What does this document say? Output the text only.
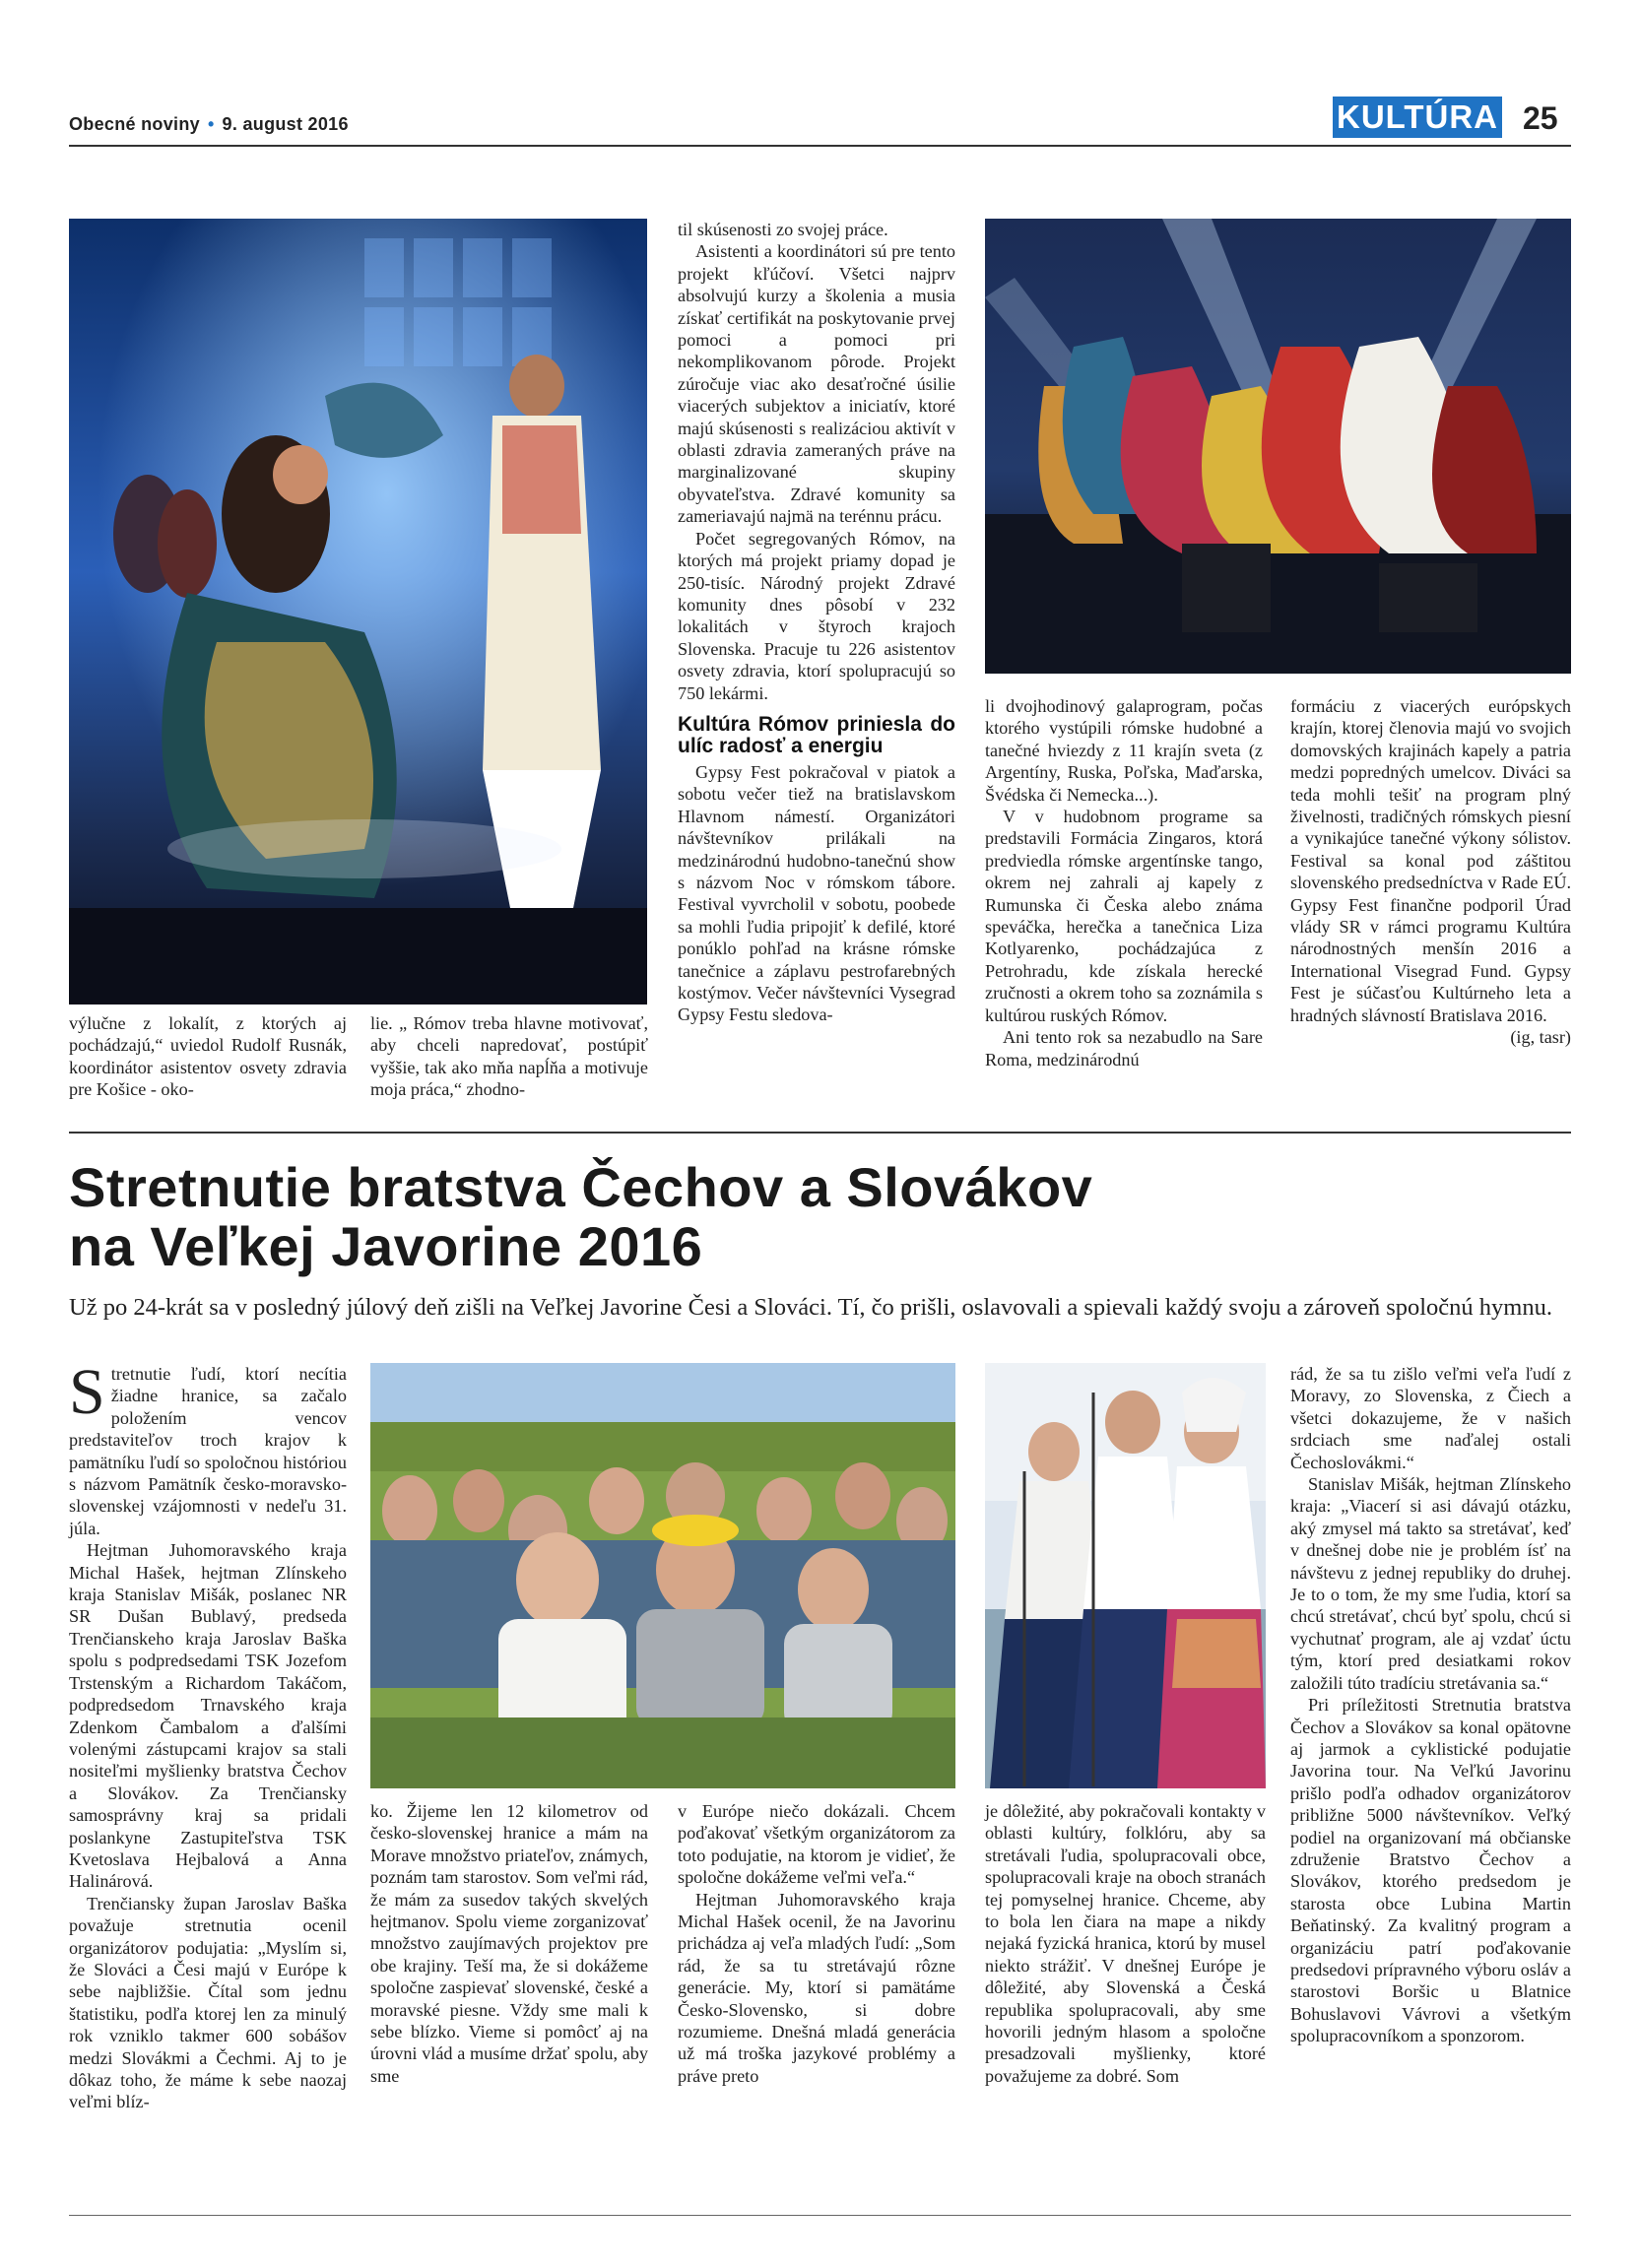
Obecné noviny • 9. august 2016	KULTÚRA 25

výlučne z lokalít, z ktorých aj pochádzajú,“ uviedol Rudolf Rusnák, koordinátor asistentov osvety zdravia pre Košice - oko-

lie. „ Rómov treba hlavne motivovať, aby chceli napredovať, postúpiť vyššie, tak ako mňa napĺňa a motivuje moja práca,“ zhodno-

til skúsenosti zo svojej práce.

Asistenti a koordinátori sú pre tento projekt kľúčoví. Všetci najprv absolvujú kurzy a školenia a musia získať certifikát na poskytovanie prvej pomoci a pomoci pri nekomplikovanom pôrode. Projekt zúročuje viac ako desaťročné úsilie viacerých subjektov a iniciatív, ktoré majú skúsenosti s realizáciou aktivít v oblasti zdravia zameraných práve na marginalizované skupiny obyvateľstva. Zdravé komunity sa zameriavajú najmä na terénnu prácu.

Počet segregovaných Rómov, na ktorých má projekt priamy dopad je 250-tisíc. Národný projekt Zdravé komunity dnes pôsobí v 232 lokalitách v štyroch krajoch Slovenska. Pracuje tu 226 asistentov osvety zdravia, ktorí spolupracujú so 750 lekármi.

Kultúra Rómov priniesla do ulíc radosť a energiu

Gypsy Fest pokračoval v piatok a sobotu večer tiež na bratislavskom Hlavnom námestí. Organizátori návštevníkov prilákali na medzinárodnú hudobno-tanečnú show s názvom Noc v rómskom tábore. Festival vyvrcholil v sobotu, poobede sa mohli ľudia pripojiť k defilé, ktoré ponúklo pohľad na krásne rómske tanečnice a záplavu pestrofarebných kostýmov. Večer návštevníci Vysegrad Gypsy Festu sledova-

li dvojhodinový galaprogram, počas ktorého vystúpili rómske hudobné a tanečné hviezdy z 11 krajín sveta (z Argentíny, Ruska, Poľska, Maďarska, Švédska či Nemecka...).

V v hudobnom programe sa predstavili Formácia Zingaros, ktorá predviedla rómske argentínske tango, okrem nej zahrali aj kapely z Rumunska či Česka alebo známa speváčka, herečka a tanečnica Liza Kotlyarenko, pochádzajúca z Petrohradu, kde získala herecké zručnosti a okrem toho sa zoznámila s kultúrou ruských Rómov.

Ani tento rok sa nezabudlo na Sare Roma, medzinárodnú

formáciu z viacerých európskych krajín, ktorej členovia majú vo svojich domovských krajinách kapely a patria medzi popredných umelcov. Diváci sa teda mohli tešiť na program plný živelnosti, tradičných rómskych piesní a vynikajúce tanečné výkony sólistov. Festival sa konal pod záštitou slovenského predsedníctva v Rade EÚ. Gypsy Fest finančne podporil Úrad vlády SR v rámci programu Kultúra národnostných menšín 2016 a International Visegrad Fund. Gypsy Fest je súčasťou Kultúrneho leta a hradných slávností Bratislava 2016.

(ig, tasr)

Stretnutie bratstva Čechov a Slovákov
na Veľkej Javorine 2016
Už po 24-krát sa v posledný júlový deň zišli na Veľkej Javorine Česi a Slováci. Tí, čo prišli, oslavovali a spievali každý svoju a zároveň spoločnú hymnu.

Stretnutie ľudí, ktorí necítia žiadne hranice, sa začalo položením vencov predstaviteľov troch krajov k pamätníku ľudí so spoločnou históriou s názvom Pamätník česko-moravsko-slovenskej vzájomnosti v nedeľu 31. júla.

Hejtman Juhomoravského kraja Michal Hašek, hejtman Zlínskeho kraja Stanislav Mišák, poslanec NR SR Dušan Bublavý, predseda Trenčianskeho kraja Jaroslav Baška spolu s podpredsedami TSK Jozefom Trstenským a Richardom Takáčom, podpredsedom Trnavského kraja Zdenkom Čambalom a ďalšími volenými zástupcami krajov sa stali nositeľmi myšlienky bratstva Čechov a Slovákov. Za Trenčiansky samosprávny kraj sa pridali poslankyne Zastupiteľstva TSK Kvetoslava Hejbalová a Anna Halinárová.

Trenčiansky župan Jaroslav Baška považuje stretnutia ocenil organizátorov podujatia: „Myslím si, že Slováci a Česi majú v Európe k sebe najbližšie. Čítal som jednu štatistiku, podľa ktorej len za minulý rok vzniklo takmer 600 sobášov medzi Slovákmi a Čechmi. Aj to je dôkaz toho, že máme k sebe naozaj veľmi blíz-

ko. Žijeme len 12 kilometrov od česko-slovenskej hranice a mám na Morave množstvo priateľov, známych, poznám tam starostov. Som veľmi rád, že mám za susedov takých skvelých hejtmanov. Spolu vieme zorganizovať množstvo zaujímavých projektov pre obe krajiny. Teší ma, že si dokážeme spoločne zaspievať slovenské, české a moravské piesne. Vždy sme mali k sebe blízko. Vieme si pomôcť aj na úrovni vlád a musíme držať spolu, aby sme

v Európe niečo dokázali. Chcem poďakovať všetkým organizátorom za toto podujatie, na ktorom je vidieť, že spoločne dokážeme veľmi veľa.“

Hejtman Juhomoravského kraja Michal Hašek ocenil, že na Javorinu prichádza aj veľa mladých ľudí: „Som rád, že sa tu stretávajú rôzne generácie. My, ktorí si pamätáme Česko-Slovensko, si dobre rozumieme. Dnešná mladá generácia už má troška jazykové problémy a práve preto

je dôležité, aby pokračovali kontakty v oblasti kultúry, folklóru, aby sa stretávali ľudia, spolupracovali obce, spolupracovali kraje na oboch stranách tej pomyselnej hranice. Chceme, aby to bola len čiara na mape a nikdy nejaká fyzická hranica, ktorú by musel niekto strážiť. V dnešnej Európe je dôležité, aby Slovenská a Česká republika spolupracovali, aby sme hovorili jedným hlasom a spoločne presadzovali myšlienky, ktoré považujeme za dobré. Som

rád, že sa tu zišlo veľmi veľa ľudí z Moravy, zo Slovenska, z Čiech a všetci dokazujeme, že v našich srdciach sme naďalej ostali Čechoslovákmi.“

Stanislav Mišák, hejtman Zlínskeho kraja: „Viacerí si asi dávajú otázku, aký zmysel má takto sa stretávať, keď v dnešnej dobe nie je problém ísť na návštevu z jednej republiky do druhej. Je to o tom, že my sme ľudia, ktorí sa chcú stretávať, chcú byť spolu, chcú si vychutnať program, ale aj vzdať úctu tým, ktorí pred desiatkami rokov založili túto tradíciu stretávania sa.“

Pri príležitosti Stretnutia bratstva Čechov a Slovákov sa konal opätovne aj jarmok a cyklistické podujatie Javorina tour. Na Veľkú Javorinu prišlo podľa odhadov organizátorov približne 5000 návštevníkov. Veľký podiel na organizovaní má občianske združenie Bratstvo Čechov a Slovákov, ktorého predsedom je starosta obce Lubina Martin Beňatinský. Za kvalitný program a organizáciu patrí poďakovanie predsedovi prípravného výboru osláv a starostovi Boršic u Blatnice Bohuslavovi Vávrovi a všetkým spolupracovníkom a sponzorom.
